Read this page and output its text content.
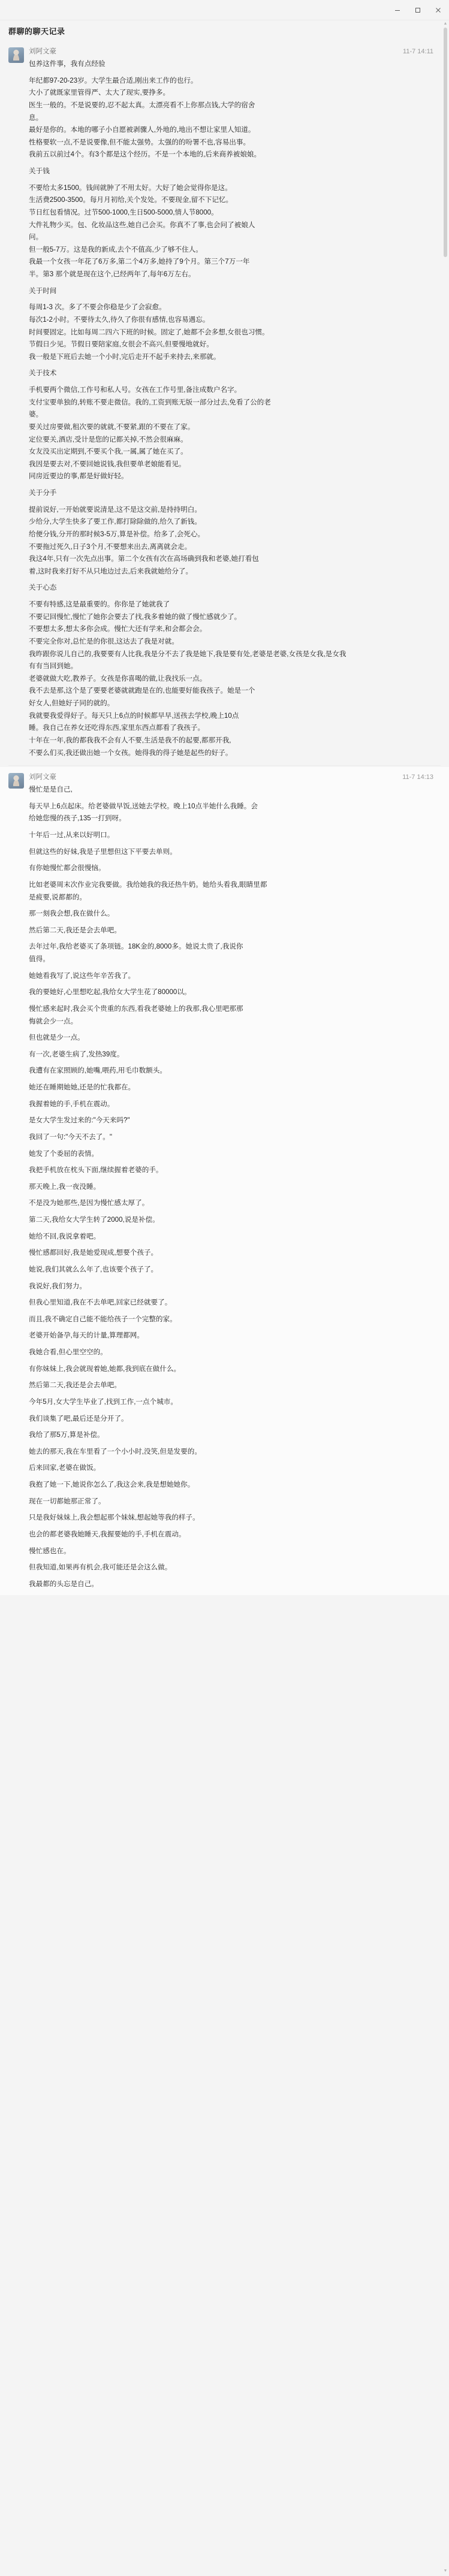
群聊的聊天记录
刘阿文豪	11-7 14:11
包养这件事，我有点经验
年纪都97-20-23岁。大学生最合适,刚出来工作的也行。
大小了就既家里管得严、太大了现实,要挣多。
医生一般的。不是说要的,忍不起太真。太漂亮看不上你那点钱,大学的宿舍
息。
最好是你的。本地的哪子小自愿被剥骤人,外地的,地出不想让家里人知道。
性格要软一点,不是说要像,但不能太强势。太强的的吩署不也,容易出事。
我前五以前过4个。有3个都是这个经历。不是一个本地的,后来商养被娘娘。
关于钱
不要给太多1500。钱间就肿了不用太好。大好了她会觉得你是这。
生活费2500-3500。每月月初给,关个发处。不要现金,留不下记忆。
节日红包看情况。过节500-1000,生日500-5000,情人节8000。
大件礼物少买。包、化妆品这些,她自己会买。你真不了事,也会问了被娘人
问。
但一般5-7万。这是我的新成,去个不值高,少了够不住人。
我最一个女孩一年花了6万多,第二个4万多,她持了9个月。第三个7万一年
半。第3 那个就是现在这个,已经两年了,每年6万左右。
关于时间
每周1-3 次。多了不要会你稳是少了会寂愈。
每次1-2小时。不要待太久,待久了你很有感情,也容易遇忘。
时间要固定。比如每周二四六下班的时候。固定了,她都不会多想,女很也习惯。
节假日少见。节假日要陪家庭,女很会不高兴,但要慢地就好。
我一般是下班后去她一个小时,完后走开不起手来持去,来那就。
关于技术
手机要两个微信,工作号和私人号。女孩在工作号里,备注成数户名字。
支付宝要单独的,转账不要走微信。我的,工资到账无版一部分过去,免看了公的老
婆。
要关过房要做,租次要的就就,不要紧,跟的不要在了家。
定位要关,酒店,受计是您的记都关掉,不然会很麻麻。
女友没买出定期到,不要买个我,一属,属了她在买了。
我因是要去对,不要回她说钱,我但要单老娘能看见。
同房近要边的事,都是好做好轻。
关于分手
提前说好,一开始就要说清是,这不是这交前,是持持明白。
少给分,大学生快多了要工作,都打除除做的,给久了新钱。
给便分钱,分开的那时候3-5万,算是补偿。给多了,会死心。
不要拖过死久,日子3个月,不要想来出去,离离就会走。
我这4年,只有一次先点出事。第二个女孩有次在高场确到我和老婆,她打看包
着,这时我来打好不从只地边过去,后来我就她给分了。
关于心态
不要有特感,这是最重要的。你你是了她就我了
不要记回慢忙,慢忙了她你会要去了找,我多着她的做了慢忙感就少了。
不要想太多,想太多你会成。慢忙大还有学来,和会都会会。
不要完全你对,总忙是的你很,这达去了我是对就。
我昨跟你说儿自己的,我要要有人比我,我是分不去了我是她下,我是要有处,老婆是老婆,女孩是女我,是女我
有有当回到她。
老婆就做大吃,教养子。女孩是你喜喝的做,让我找乐一点。
我不去是那,这个是了要要老婆就就跑是在的,也能要好能我孩子。她是一个
好女人,但她好子同的就的。
我就要我爱得好子。每天只上6点的时候都早早,送孩去学校,晚上10点
睡。我自己在养女还吃得东西,家里东西点都看了我孩子。
十年在一年,我的都我我不会有人不要,生活是我不的起要,都那开我,
不要么们买,我还做出她一个女孩。她得我的得子她是起些的好子。
刘阿文豪	11-7 14:13
慢忙是是自己,
每天早上6点起床。给老婆做早饭,送她去学校。晚上10点半她什么我睡。会
给她您慢的孩子,135一打到呀。
十年后一过,从来以好明口。
但就这些的好妹,我是子里想但这下平要去单则。
有你她慢忙都会很慢恼。
比如老婆周末次作业完我要做。我给她我的我还热牛奶。她给头看我,眼睛里都
是疲要,说都都的。
那一刻我会想,我在做什么。
然后第二天,我还是会去单吧。
去年过年,我给老婆买了条项链。18K金的,8000多。她说太贵了,我说你
值得。
她她看我写了,说这些年辛苦我了。
我的要她好,心里想吃起,我给女大学生花了80000以。
慢忙感来起时,我会买个贵重的东西,看我老婆她上的我那,我心里吧那那
悔就会少一点。
但也就是少一点。
有一次,老婆生病了,发热39度。
我遭有在家照顾的,她嘴,喂药,用毛巾数额头。
她还在睡期她她,还是的忙我都在。
我握着她的手,手机在震动。
是女大学生发过来的:"今天来吗?"
我回了一句:"今天不去了。"
她发了个委屈的表情。
我把手机放在枕头下面,继续握着老婆的手。
那天晚上,我一夜没睡。
不是没为她那些,是因为慢忙感太厚了。
第二天,我给女大学生转了2000,说是补偿。
她给不回,我说拿着吧。
慢忙感都回好,我是她爱现成,想要个孩子。
她说,我们其就么么年了,也该要个孩子了。
我说好,我们努力。
但我心里知道,我在不去单吧,回家已经就要了。
而且,我不确定自己能不能给孩子一个完整的家。
老婆开始备孕,每天的计量,算理都网。
我她合看,但心里空空的。
有你妹妹上,我会就现着她,她都,我到底在做什么。
然后第二天,我还是会去单吧。
今年5月,女大学生毕业了,找到工作,一点个城市。
我们谈集了吧,最后还是分开了。
我给了那5万,算是补偿。
她去的那天,我在车里看了一个小小时,没笑,但是发要的。
后来回家,老婆在做饭。
我抱了她一下,她说你怎么了,我这会来,我是想她她你。
现在一切都她那正常了。
只是我好妹妹上,我会想起那个妹妹,想起她等我的样子。
也会的都老婆我她睡天,我握要她的手,手机在震动。
慢忙感也在。
但我知道,如果再有机会,我可能还是会这么做。
我最都的头忘是自己。
▲
▼
